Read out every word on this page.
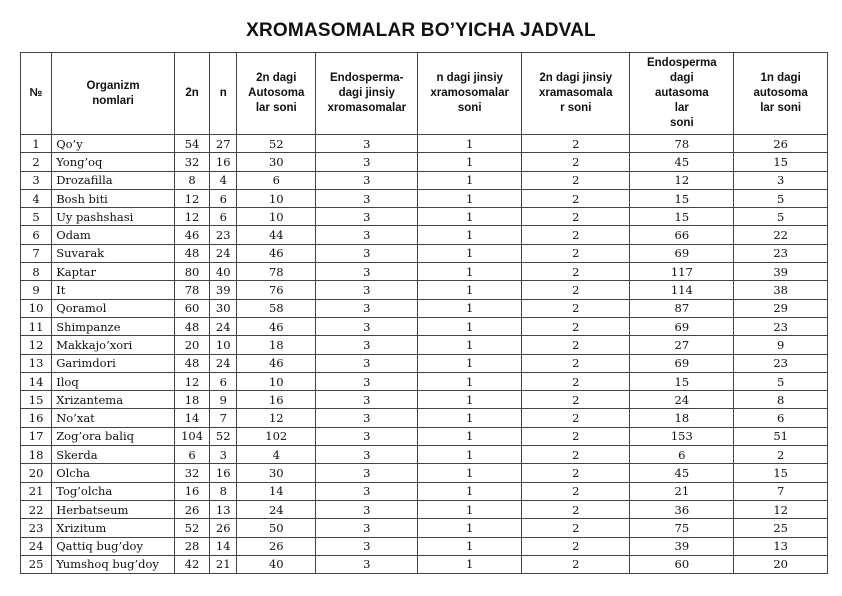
XROMASOMALAR BO’YICHA JADVAL
№	Organizm
nomlari	2n	n	2n dagi
Autosoma
lar soni	Endosperma-
dagi jinsiy
xromasomalar	n dagi jinsiy
xramosomalar
soni	2n dagi jinsiy
xramasomala
r soni	Endosperma
dagi
autasoma
lar
soni	1n dagi
autosoma
lar soni
1	Qo’y	54	27	52	3	1	2	78	26
2	Yong’oq	32	16	30	3	1	2	45	15
3	Drozafilla	8	4	6	3	1	2	12	3
4	Bosh biti	12	6	10	3	1	2	15	5
5	Uy pashshasi	12	6	10	3	1	2	15	5
6	Odam	46	23	44	3	1	2	66	22
7	Suvarak	48	24	46	3	1	2	69	23
8	Kaptar	80	40	78	3	1	2	117	39
9	It	78	39	76	3	1	2	114	38
10	Qoramol	60	30	58	3	1	2	87	29
11	Shimpanze	48	24	46	3	1	2	69	23
12	Makkajo’xori	20	10	18	3	1	2	27	9
13	Garimdori	48	24	46	3	1	2	69	23
14	Iloq	12	6	10	3	1	2	15	5
15	Xrizantema	18	9	16	3	1	2	24	8
16	No’xat	14	7	12	3	1	2	18	6
17	Zog’ora baliq	104	52	102	3	1	2	153	51
18	Skerda	6	3	4	3	1	2	6	2
20	Olcha	32	16	30	3	1	2	45	15
21	Tog’olcha	16	8	14	3	1	2	21	7
22	Herbatseum	26	13	24	3	1	2	36	12
23	Xrizitum	52	26	50	3	1	2	75	25
24	Qattiq bug’doy	28	14	26	3	1	2	39	13
25	Yumshoq bug’doy	42	21	40	3	1	2	60	20
